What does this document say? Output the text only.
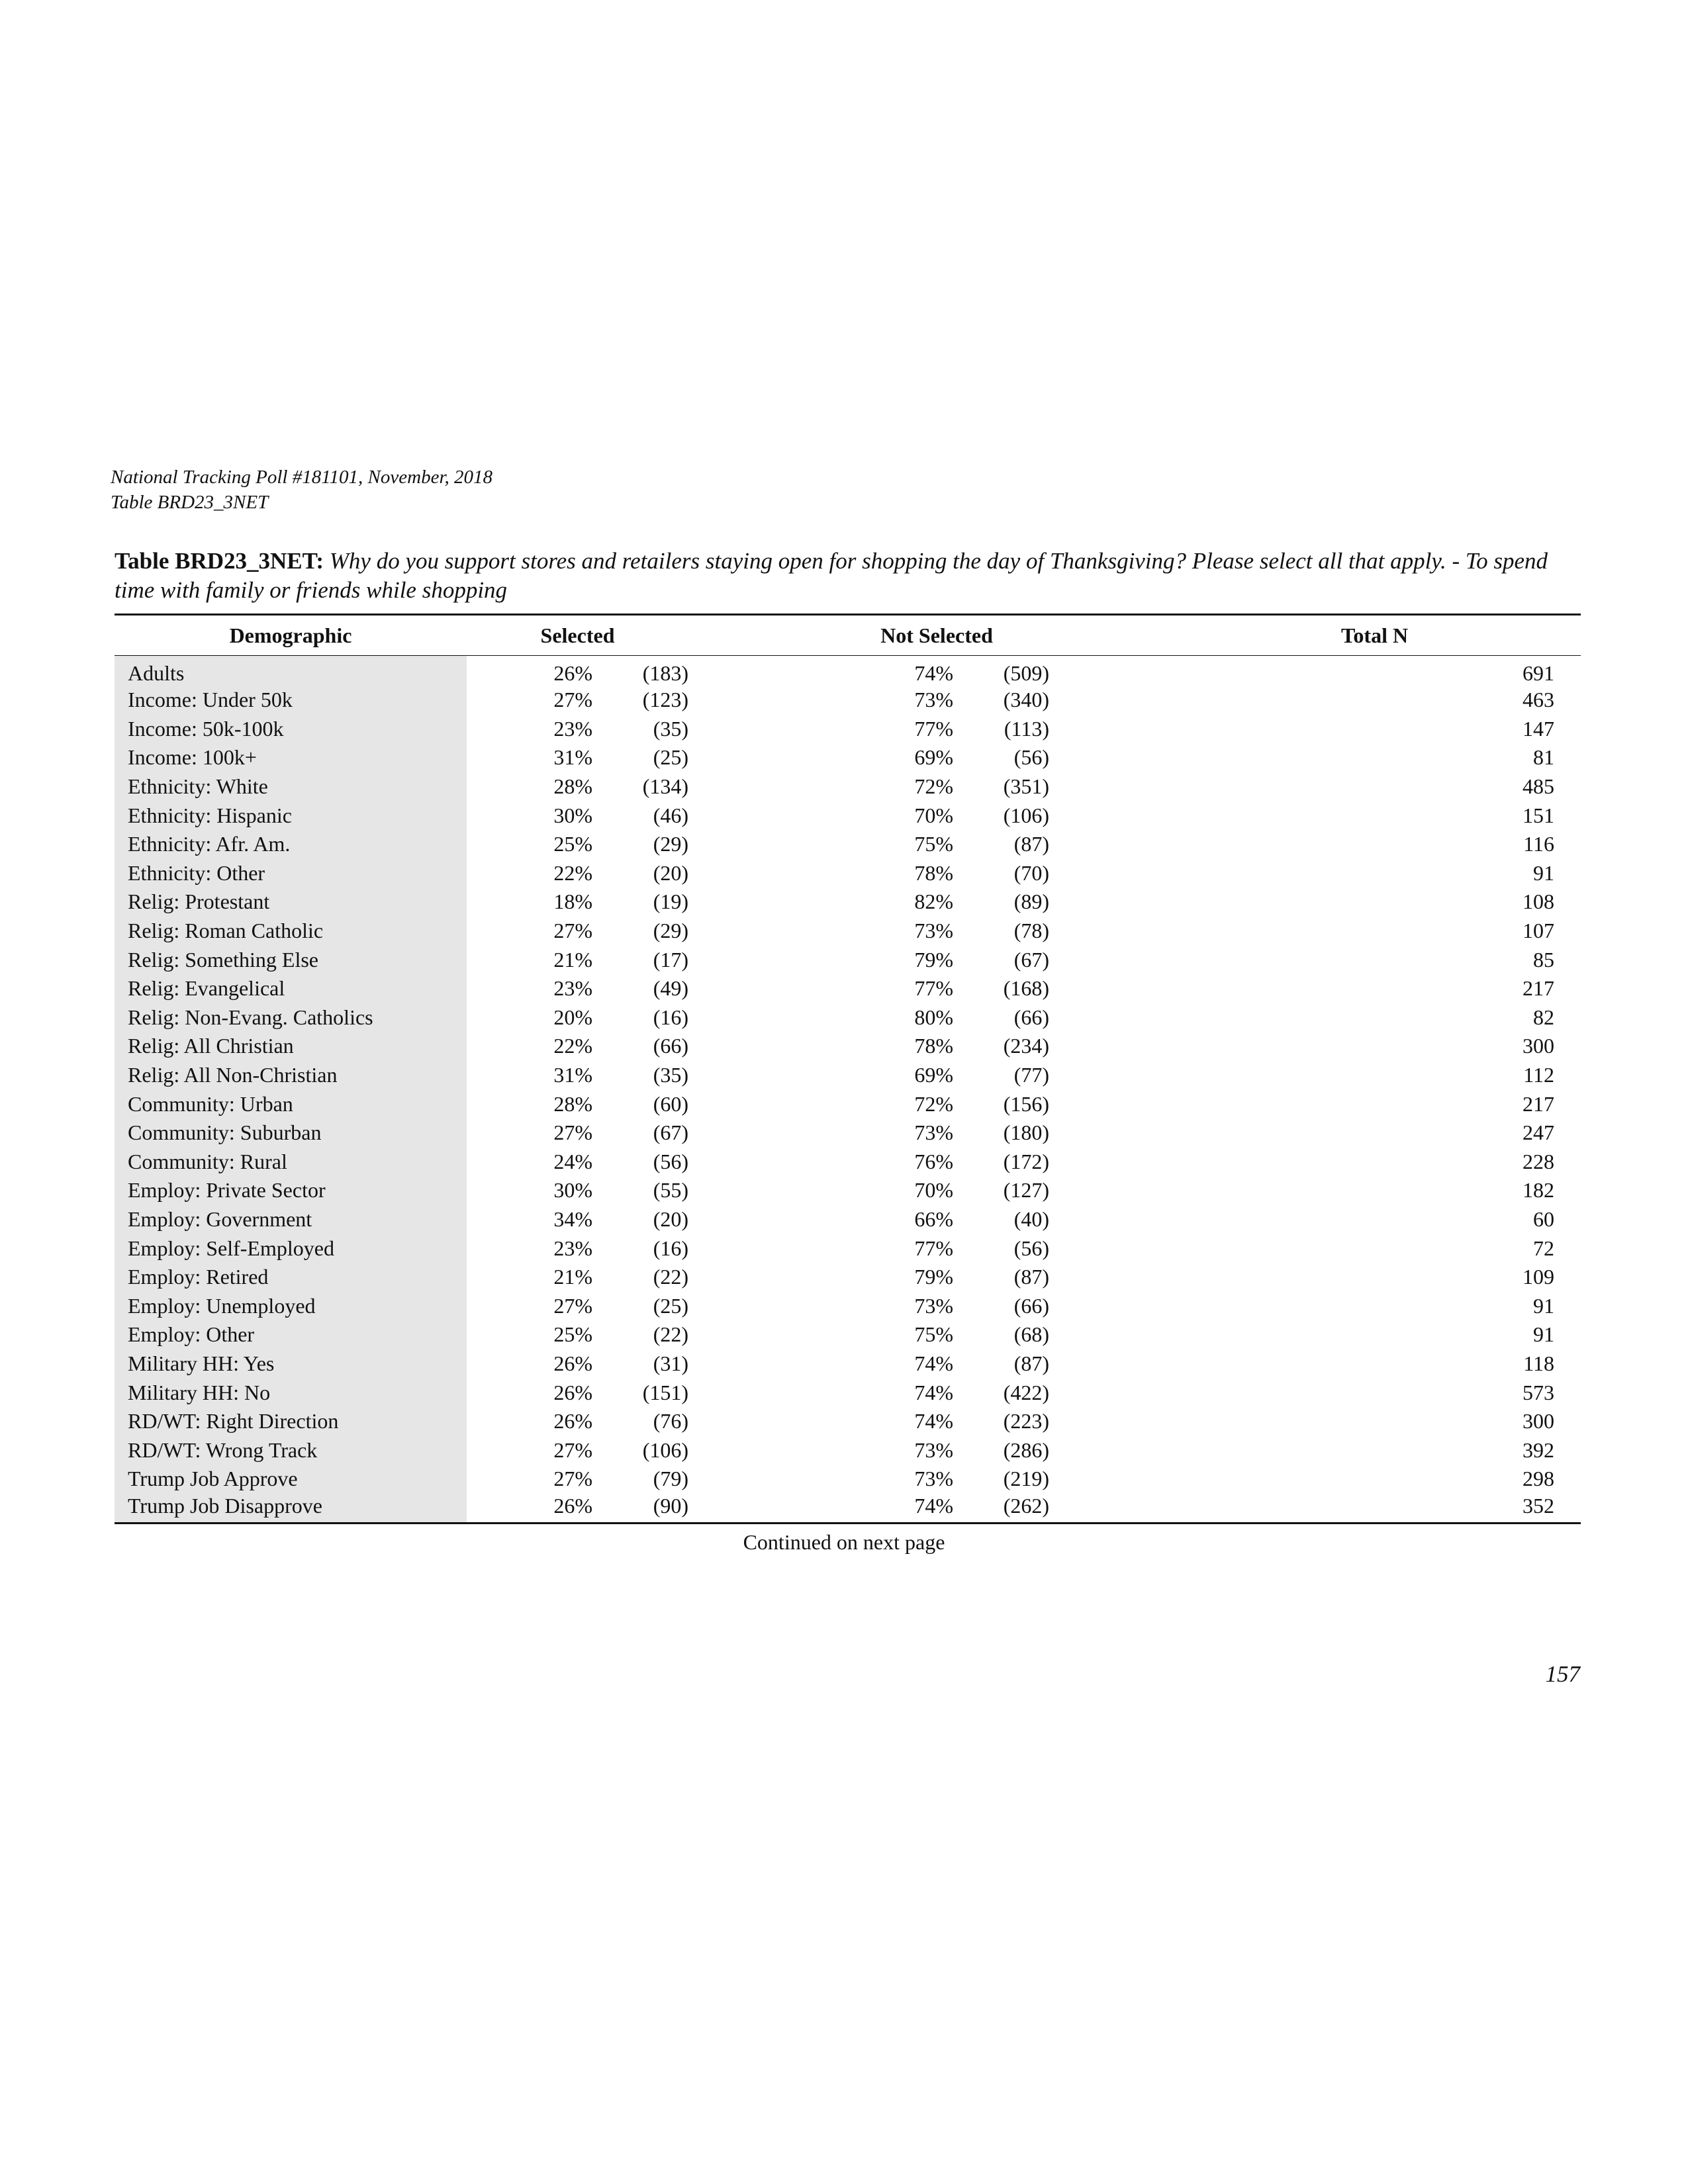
National Tracking Poll #181101, November, 2018
Table BRD23_3NET
Table BRD23_3NET: Why do you support stores and retailers staying open for shopping the day of Thanksgiving? Please select all that apply. - To spend time with family or friends while shopping
Demographic	Selected		Not Selected		Total N
Adults	26%	(183)	74%	(509)	691
Income: Under 50k	27%	(123)	73%	(340)	463
Income: 50k-100k	23%	(35)	77%	(113)	147
Income: 100k+	31%	(25)	69%	(56)	81
Ethnicity: White	28%	(134)	72%	(351)	485
Ethnicity: Hispanic	30%	(46)	70%	(106)	151
Ethnicity: Afr. Am.	25%	(29)	75%	(87)	116
Ethnicity: Other	22%	(20)	78%	(70)	91
Relig: Protestant	18%	(19)	82%	(89)	108
Relig: Roman Catholic	27%	(29)	73%	(78)	107
Relig: Something Else	21%	(17)	79%	(67)	85
Relig: Evangelical	23%	(49)	77%	(168)	217
Relig: Non-Evang. Catholics	20%	(16)	80%	(66)	82
Relig: All Christian	22%	(66)	78%	(234)	300
Relig: All Non-Christian	31%	(35)	69%	(77)	112
Community: Urban	28%	(60)	72%	(156)	217
Community: Suburban	27%	(67)	73%	(180)	247
Community: Rural	24%	(56)	76%	(172)	228
Employ: Private Sector	30%	(55)	70%	(127)	182
Employ: Government	34%	(20)	66%	(40)	60
Employ: Self-Employed	23%	(16)	77%	(56)	72
Employ: Retired	21%	(22)	79%	(87)	109
Employ: Unemployed	27%	(25)	73%	(66)	91
Employ: Other	25%	(22)	75%	(68)	91
Military HH: Yes	26%	(31)	74%	(87)	118
Military HH: No	26%	(151)	74%	(422)	573
RD/WT: Right Direction	26%	(76)	74%	(223)	300
RD/WT: Wrong Track	27%	(106)	73%	(286)	392
Trump Job Approve	27%	(79)	73%	(219)	298
Trump Job Disapprove	26%	(90)	74%	(262)	352
Continued on next page
157
